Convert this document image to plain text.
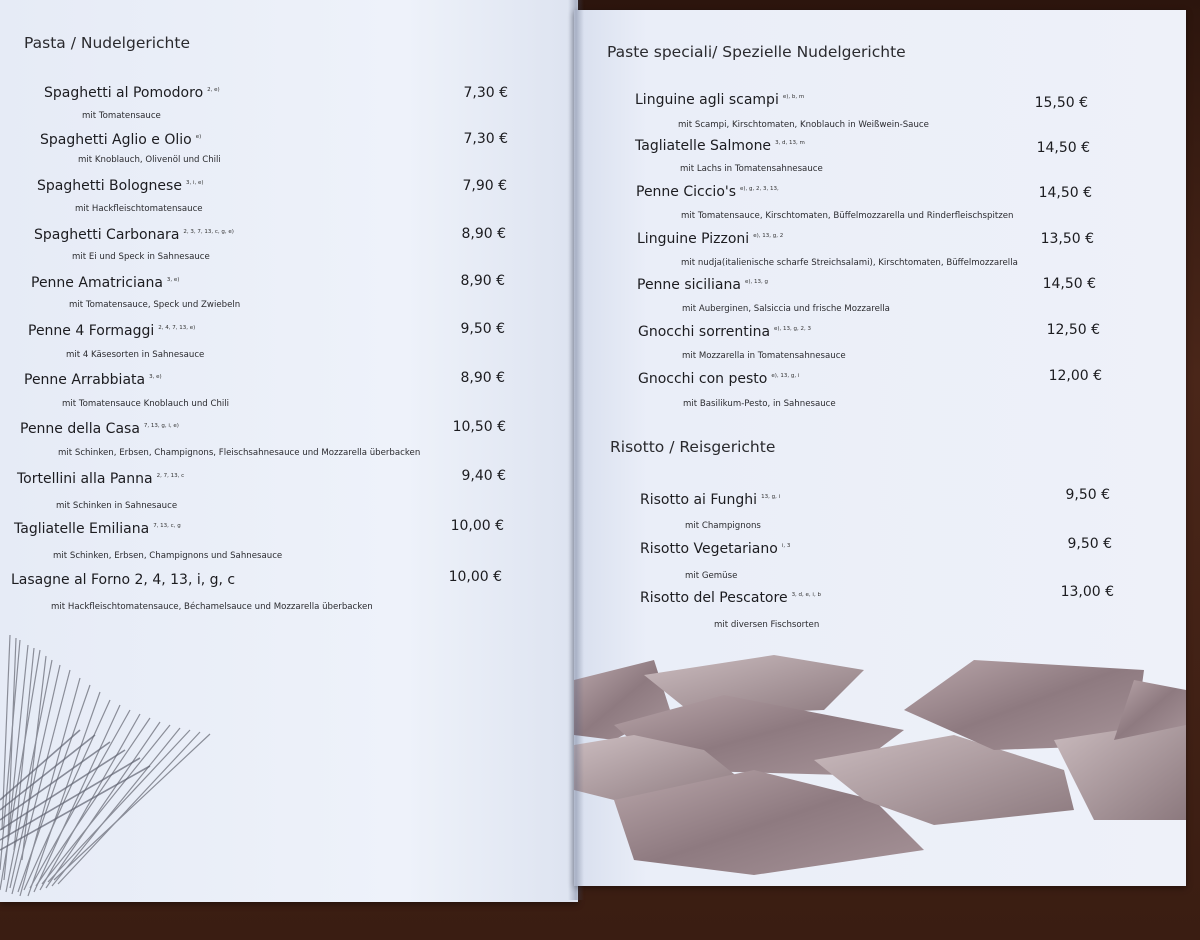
Pasta / Nudelgerichte
Spaghetti al Pomodoro $^{2, e)}$
mit Tomatensauce
7,30 €
Spaghetti Aglio e Olio $^{e)}$
mit Knoblauch, Olivenöl und Chili
7,30 €
Spaghetti Bolognese $^{3, i, e)}$
mit Hackfleischtomatensauce
7,90 €
Spaghetti Carbonara $^{2, 3, 7, 13, c, g, e)}$
mit Ei und Speck in Sahnesauce
8,90 €
Penne Amatriciana $^{3, e)}$
mit Tomatensauce, Speck und Zwiebeln
8,90 €
Penne 4 Formaggi $^{2, 4, 7, 13, e)}$
mit 4 Käsesorten in Sahnesauce
9,50 €
Penne Arrabbiata $^{3, e)}$
mit Tomatensauce Knoblauch und Chili
8,90 €
Penne della Casa $^{7, 13, g, i, e)}$
mit Schinken, Erbsen, Champignons, Fleischsahnesauce und Mozzarella überbacken
10,50 €
Tortellini alla Panna $^{2, 7, 13, c}$
mit Schinken in Sahnesauce
9,40 €
Tagliatelle Emiliana $^{7, 13, c, g}$
mit Schinken, Erbsen, Champignons und Sahnesauce
10,00 €
Lasagne al Forno 2, 4, 13, i, g, c
mit Hackfleischtomatensauce, Béchamelsauce und Mozzarella überbacken
10,00 €
Paste speciali/ Spezielle Nudelgerichte
Linguine agli scampi $^{e), b, m}$
mit Scampi, Kirschtomaten, Knoblauch in Weißwein-Sauce
15,50 €
Tagliatelle Salmone $^{3, d, 13, m}$
mit Lachs in Tomatensahnesauce
14,50 €
Penne Ciccio's $^{e), g, 2, 3, 13,}$
mit Tomatensauce, Kirschtomaten, Büffelmozzarella und Rinderfleischspitzen
14,50 €
Linguine Pizzoni $^{e), 13, g, 2}$
mit nudja(italienische scharfe Streichsalami), Kirschtomaten, Büffelmozzarella
13,50 €
Penne siciliana $^{e), 13, g}$
mit Auberginen, Salsiccia und frische Mozzarella
14,50 €
Gnocchi sorrentina $^{e), 13, g, 2, 3}$
mit Mozzarella in Tomatensahnesauce
12,50 €
Gnocchi con pesto $^{e), 13, g, i}$
mit Basilikum-Pesto, in Sahnesauce
12,00 €
Risotto / Reisgerichte
Risotto ai Funghi $^{13, g, i}$
mit Champignons
9,50 €
Risotto Vegetariano $^{i, 3}$
mit Gemüse
9,50 €
Risotto del Pescatore $^{3, d, e, i, b}$
mit diversen Fischsorten
13,00 €
